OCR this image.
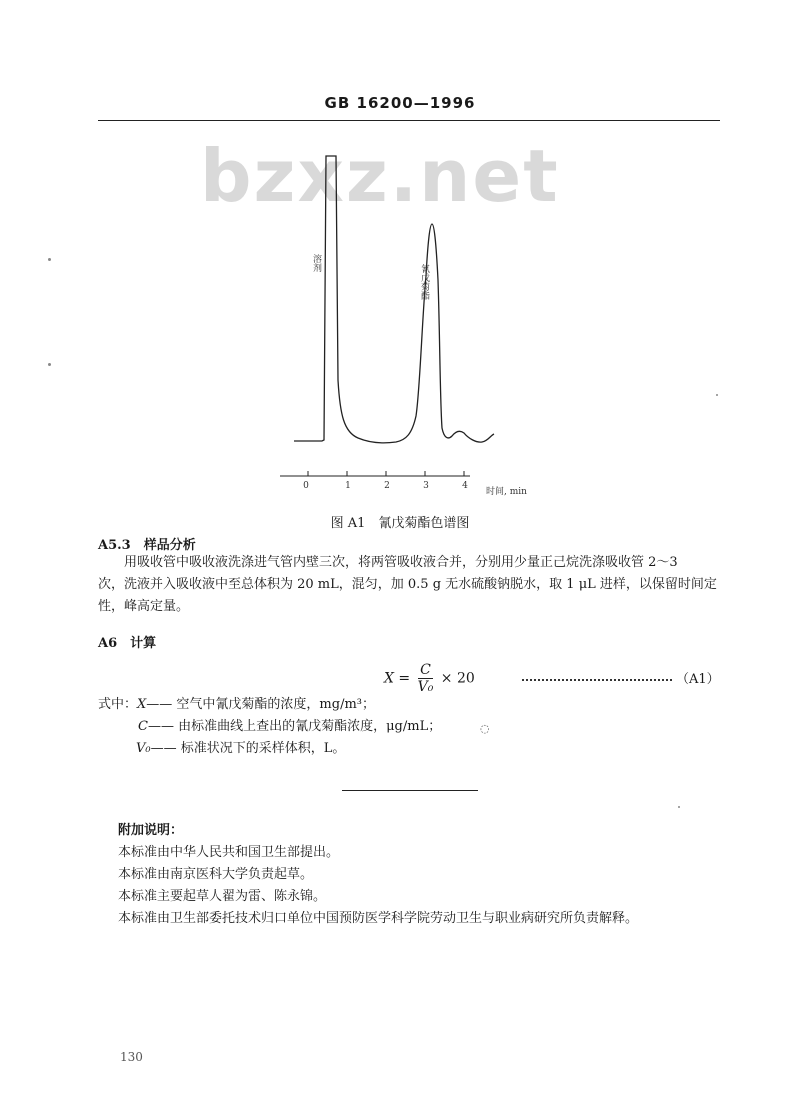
GB 16200—1996
bzxz.net
0	1	2	3	4
时间, min
溶剂
氰戊菊酯
图 A1　氰戊菊酯色谱图
A5.3　样品分析
用吸收管中吸收液洗涤进气管内壁三次，将两管吸收液合并，分别用少量正己烷洗涤吸收管 2～3
次，洗液并入吸收液中至总体积为 20 mL，混匀，加 0.5 g 无水硫酸钠脱水，取 1 μL 进样，以保留时间定
性，峰高定量。
A6　计算
$X = \frac{C}{\text{V₀}} \times 20$	（A1）
式中：X—— 空气中氰戊菊酯的浓度，mg/m³；
C—— 由标准曲线上查出的氰戊菊酯浓度，μg/mL；
V₀—— 标准状况下的采样体积，L。
◌
附加说明：
本标准由中华人民共和国卫生部提出。
本标准由南京医科大学负责起草。
本标准主要起草人翟为雷、陈永锦。
本标准由卫生部委托技术归口单位中国预防医学科学院劳动卫生与职业病研究所负责解释。
130
